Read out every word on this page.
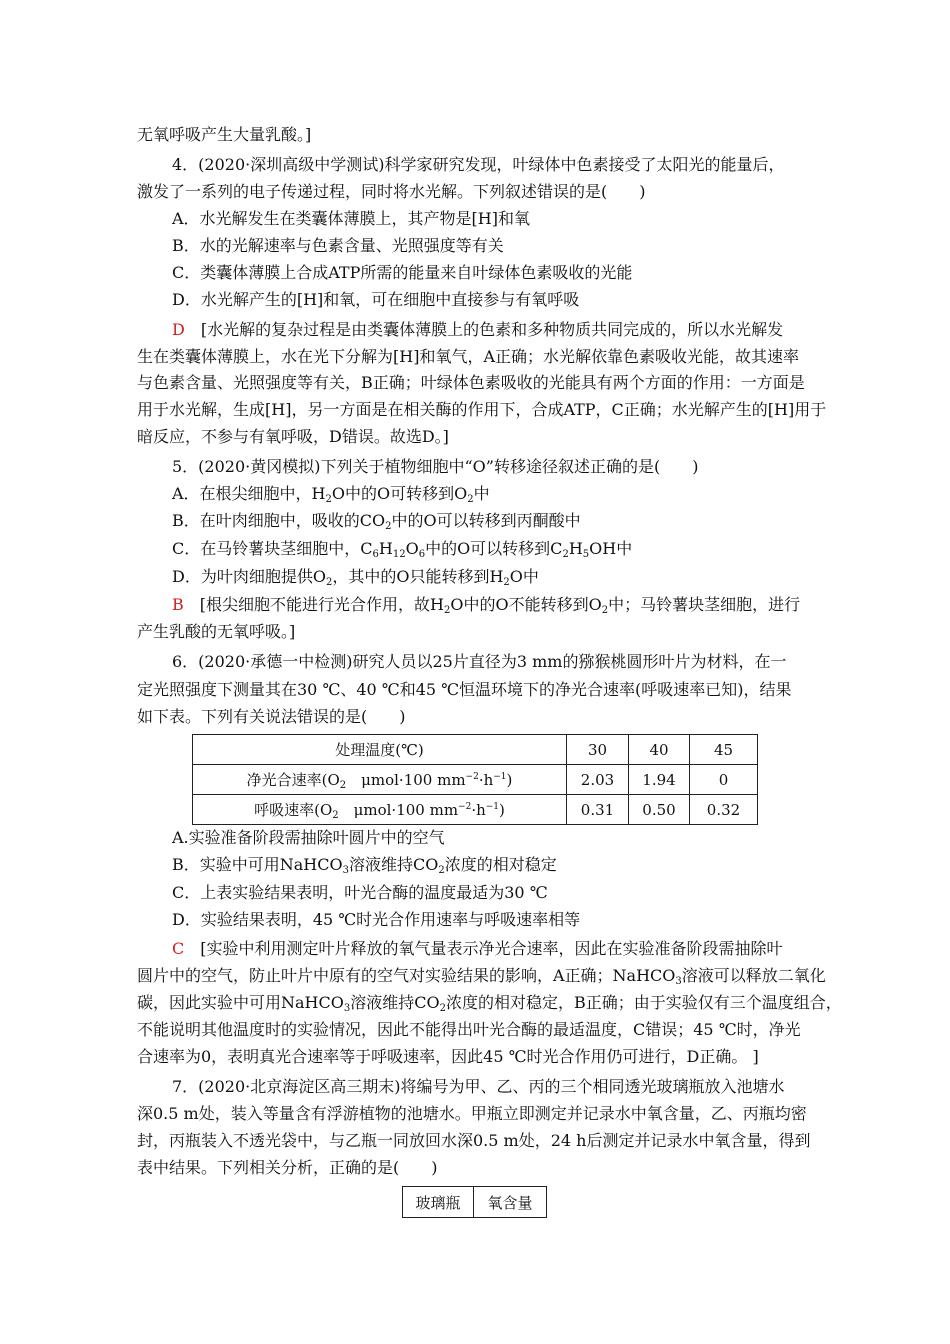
无氧呼吸产生大量乳酸。]
4．(2020·深圳高级中学测试)科学家研究发现，叶绿体中色素接受了太阳光的能量后，
激发了一系列的电子传递过程，同时将水光解。下列叙述错误的是(　　)
A．水光解发生在类囊体薄膜上，其产物是[H]和氧
B．水的光解速率与色素含量、光照强度等有关
C．类囊体薄膜上合成ATP所需的能量来自叶绿体色素吸收的光能
D．水光解产生的[H]和氧，可在细胞中直接参与有氧呼吸
D　[水光解的复杂过程是由类囊体薄膜上的色素和多种物质共同完成的，所以水光解发
生在类囊体薄膜上，水在光下分解为[H]和氧气，A正确；水光解依靠色素吸收光能，故其速率
与色素含量、光照强度等有关，B正确；叶绿体色素吸收的光能具有两个方面的作用：一方面是
用于水光解，生成[H]，另一方面是在相关酶的作用下，合成ATP，C正确；水光解产生的[H]用于
暗反应，不参与有氧呼吸，D错误。故选D。]
5．(2020·黄冈模拟)下列关于植物细胞中“O”转移途径叙述正确的是(　　)
A．在根尖细胞中，$H_2O$中的O可转移到$O_2$中
B．在叶肉细胞中，吸收的$CO_2$中的O可以转移到丙酮酸中
C．在马铃薯块茎细胞中，$C_6H_{12}O_6$中的O可以转移到$C_2H_5OH$中
D．为叶肉细胞提供$O_2$，其中的O只能转移到$H_2O$中
B　[根尖细胞不能进行光合作用，故$H_2O$中的O不能转移到$O_2$中；马铃薯块茎细胞，进行
产生乳酸的无氧呼吸。]
6．(2020·承德一中检测)研究人员以25片直径为3 mm的猕猴桃圆形叶片为材料，在一
定光照强度下测量其在30 ℃、40 ℃和45 ℃恒温环境下的净光合速率(呼吸速率已知)，结果
如下表。下列有关说法错误的是(　　)
处理温度(℃)	30	40	45
净光合速率($O_2$　μmol·100 $mm^{-2}\cdot h^{-1}$)	2.03	1.94	0
呼吸速率($O_2$　μmol·100 $mm^{-2}\cdot h^{-1}$)	0.31	0.50	0.32
A.实验准备阶段需抽除叶圆片中的空气
B．实验中可用NaHCO$_3$溶液维持$CO_2$浓度的相对稳定
C．上表实验结果表明，叶光合酶的温度最适为30 ℃
D．实验结果表明，45 ℃时光合作用速率与呼吸速率相等
C　[实验中利用测定叶片释放的氧气量表示净光合速率，因此在实验准备阶段需抽除叶
圆片中的空气，防止叶片中原有的空气对实验结果的影响，A正确；NaHCO$_3$溶液可以释放二氧化
碳，因此实验中可用NaHCO$_3$溶液维持$CO_2$浓度的相对稳定，B正确；由于实验仅有三个温度组合，
不能说明其他温度时的实验情况，因此不能得出叶光合酶的最适温度，C错误；45 ℃时，净光
合速率为0，表明真光合速率等于呼吸速率，因此45 ℃时光合作用仍可进行，D正确。 ]
7．(2020·北京海淀区高三期末)将编号为甲、乙、丙的三个相同透光玻璃瓶放入池塘水
深0.5 m处，装入等量含有浮游植物的池塘水。甲瓶立即测定并记录水中氧含量，乙、丙瓶均密
封，丙瓶装入不透光袋中，与乙瓶一同放回水深0.5 m处，24 h后测定并记录水中氧含量，得到
表中结果。下列相关分析，正确的是(　　)
玻璃瓶	氧含量
